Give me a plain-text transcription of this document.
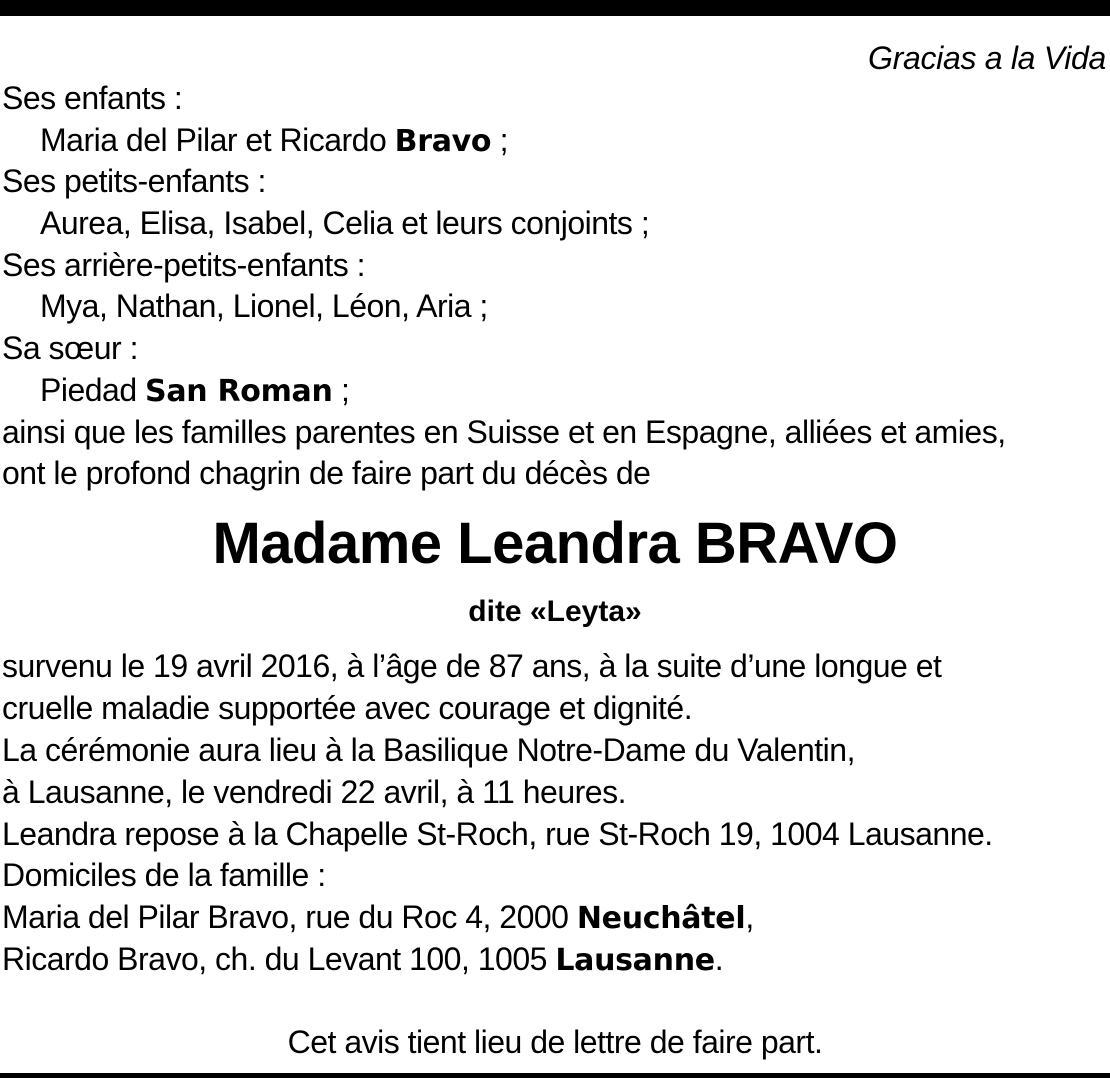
Gracias a la Vida
Ses enfants :
Maria del Pilar et Ricardo Bravo ;
Ses petits-enfants :
Aurea, Elisa, Isabel, Celia et leurs conjoints ;
Ses arrière-petits-enfants :
Mya, Nathan, Lionel, Léon, Aria ;
Sa sœur :
Piedad San Roman ;
ainsi que les familles parentes en Suisse et en Espagne, alliées et amies,
ont le profond chagrin de faire part du décès de
Madame Leandra BRAVO
dite «Leyta»
survenu le 19 avril 2016, à l’âge de 87 ans, à la suite d’une longue et
cruelle maladie supportée avec courage et dignité.
La cérémonie aura lieu à la Basilique Notre-Dame du Valentin,
à Lausanne, le vendredi 22 avril, à 11 heures.
Leandra repose à la Chapelle St-Roch, rue St-Roch 19, 1004 Lausanne.
Domiciles de la famille :
Maria del Pilar Bravo, rue du Roc 4, 2000 Neuchâtel,
Ricardo Bravo, ch. du Levant 100, 1005 Lausanne.
Cet avis tient lieu de lettre de faire part.
